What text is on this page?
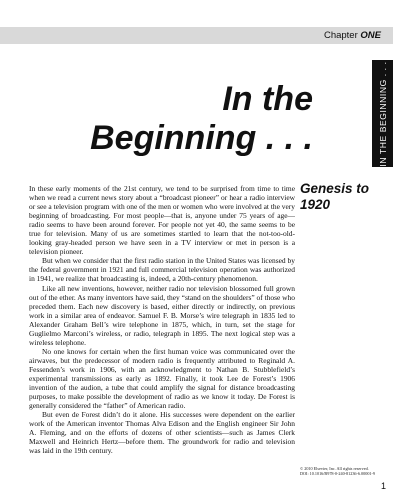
Chapter ONE
IN THE BEGINNING . . .
In the
Beginning . . .
Genesis to
1920

In these early moments of the 21st century, we tend to be surprised from time to time when we read a current news story about a “broadcast pioneer” or hear a radio interview or see a television program with one of the men or women who were involved at the very beginning of broadcasting. For most people—that is, anyone under 75 years of age—radio seems to have been around forever. For people not yet 40, the same seems to be true for television. Many of us are sometimes startled to learn that the not-too-old-looking gray-headed person we have seen in a TV interview or met in person is a television pioneer.

But when we consider that the first radio station in the United States was licensed by the federal government in 1921 and full commercial television operation was authorized in 1941, we realize that broadcasting is, indeed, a 20th-century phenomenon.

Like all new inventions, however, neither radio nor television blossomed full grown out of the ether. As many inventors have said, they “stand on the shoulders” of those who preceded them. Each new discovery is based, either directly or indirectly, on previous work in a similar area of endeavor. Samuel F. B. Morse’s wire telegraph in 1835 led to Alexander Graham Bell’s wire telephone in 1875, which, in turn, set the stage for Guglielmo Marconi’s wireless, or radio, telegraph in 1895. The next logical step was a wireless telephone.

No one knows for certain when the first human voice was communicated over the airwaves, but the predecessor of modern radio is frequently attributed to Reginald A. Fessenden’s work in 1906, with an acknowledgment to Nathan B. Stubblefield’s experimental transmissions as early as 1892. Finally, it took Lee de Forest’s 1906 invention of the audion, a tube that could amplify the signal for distance broadcasting purposes, to make possible the development of radio as we know it today. De Forest is generally considered the “father” of American radio.

But even de Forest didn’t do it alone. His successes were dependent on the earlier work of the American inventor Thomas Alva Edison and the English engineer Sir John A. Fleming, and on the efforts of dozens of other scientists—such as James Clerk Maxwell and Heinrich Hertz—before them. The groundwork for radio and television was laid in the 19th century.

© 2010 Elsevier, Inc. All rights reserved.
DOI: 10.1016/B978-0-240-81236-6.00001-9
1
